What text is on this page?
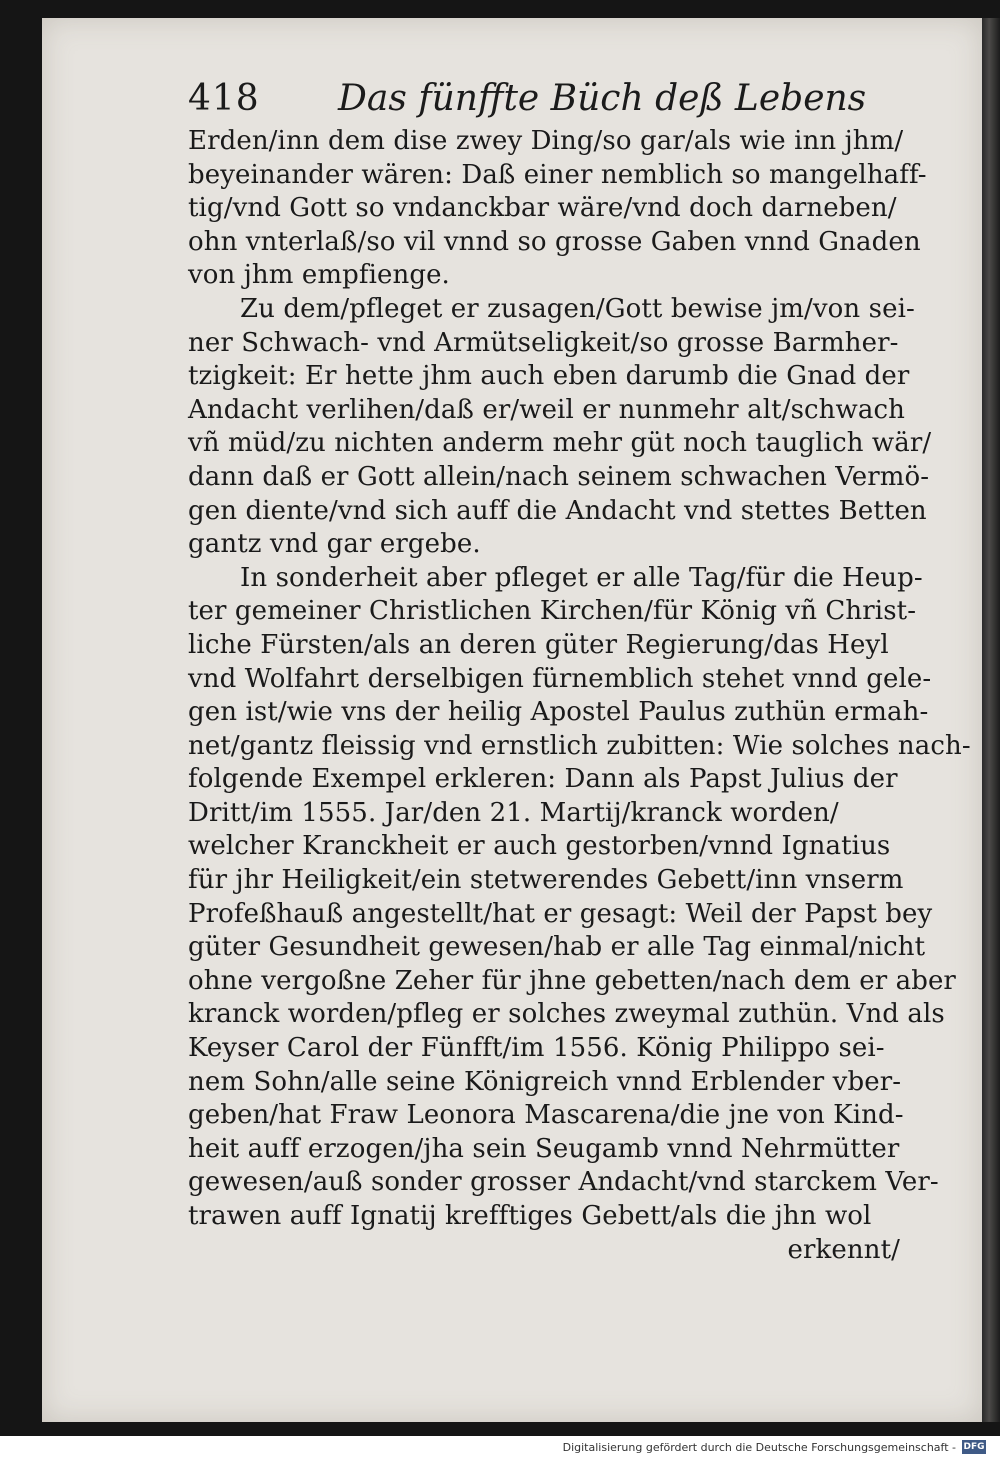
418 Das fünffte Büch deß Lebens
Erden/inn dem dise zwey Ding/so gar/als wie inn jhm/
beyeinander wären: Daß einer nemblich so mangelhaff-
tig/vnd Gott so vndanckbar wäre/vnd doch darneben/
ohn vnterlaß/so vil vnnd so grosse Gaben vnnd Gnaden
von jhm empfienge.
Zu dem/pfleget er zusagen/Gott bewise jm/von sei-
ner Schwach- vnd Armütseligkeit/so grosse Barmher-
tzigkeit: Er hette jhm auch eben darumb die Gnad der
Andacht verlihen/daß er/weil er nunmehr alt/schwach
vñ müd/zu nichten anderm mehr güt noch tauglich wär/
dann daß er Gott allein/nach seinem schwachen Vermö-
gen diente/vnd sich auff die Andacht vnd stettes Betten
gantz vnd gar ergebe.
In sonderheit aber pfleget er alle Tag/für die Heup-
ter gemeiner Christlichen Kirchen/für König vñ Christ-
liche Fürsten/als an deren güter Regierung/das Heyl
vnd Wolfahrt derselbigen fürnemblich stehet vnnd gele-
gen ist/wie vns der heilig Apostel Paulus zuthün ermah-
net/gantz fleissig vnd ernstlich zubitten: Wie solches nach-
folgende Exempel erkleren: Dann als Papst Julius der
Dritt/im 1555. Jar/den 21. Martij/kranck worden/
welcher Kranckheit er auch gestorben/vnnd Ignatius
für jhr Heiligkeit/ein stetwerendes Gebett/inn vnserm
Profeßhauß angestellt/hat er gesagt: Weil der Papst bey
güter Gesundheit gewesen/hab er alle Tag einmal/nicht
ohne vergoßne Zeher für jhne gebetten/nach dem er aber
kranck worden/pfleg er solches zweymal zuthün. Vnd als
Keyser Carol der Fünfft/im 1556. König Philippo sei-
nem Sohn/alle seine Königreich vnnd Erblender vber-
geben/hat Fraw Leonora Mascarena/die jne von Kind-
heit auff erzogen/jha sein Seugamb vnnd Nehrmütter
gewesen/auß sonder grosser Andacht/vnd starckem Ver-
trawen auff Ignatij krefftiges Gebett/als die jhn wol
erkennt/
Digitalisierung gefördert durch die Deutsche Forschungsgemeinschaft - DFG
